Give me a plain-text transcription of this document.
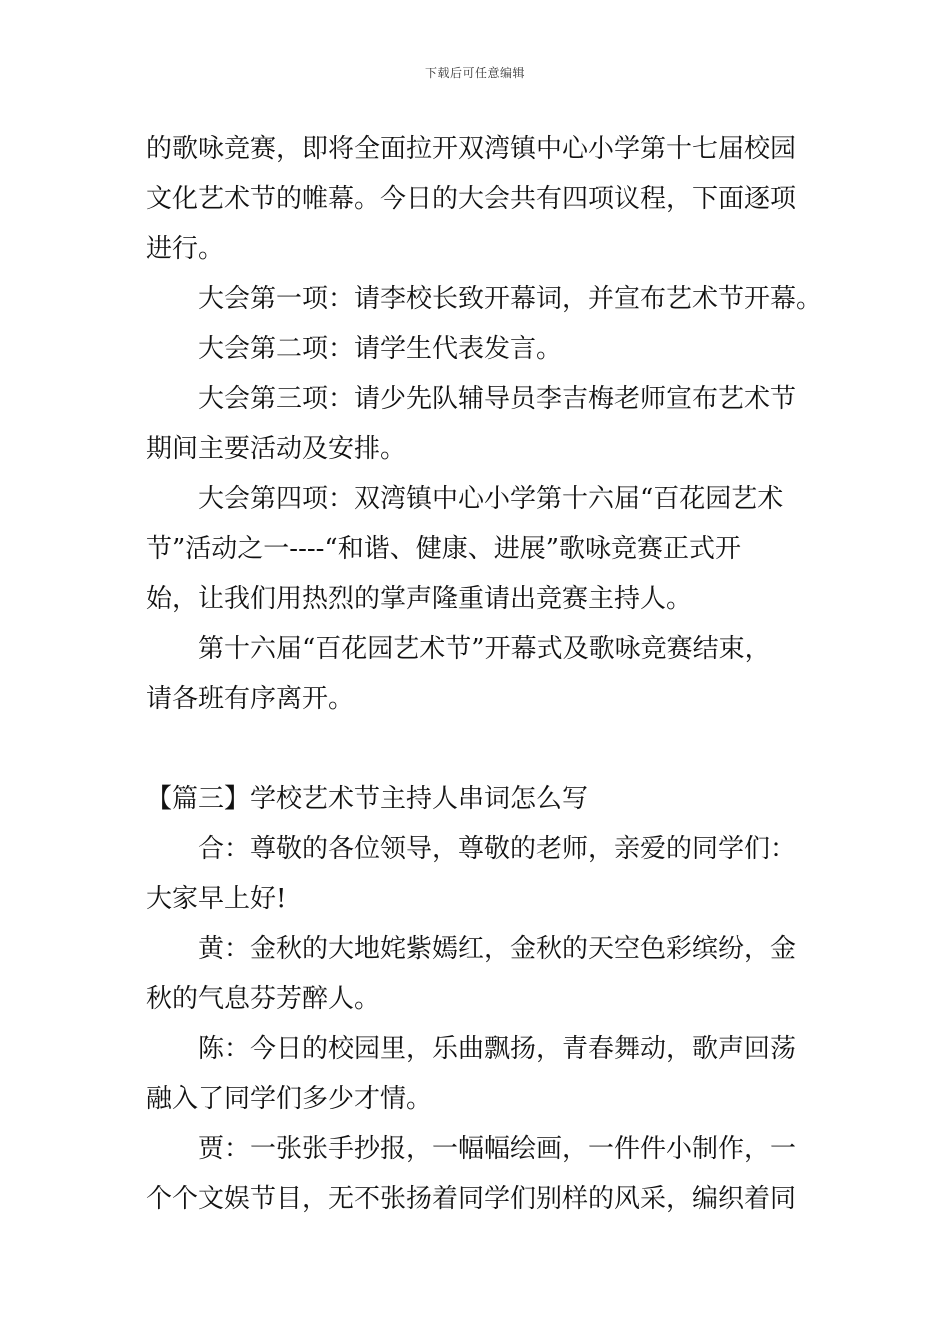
下载后可任意编辑
的歌咏竞赛，即将全面拉开双湾镇中心小学第十七届校园
文化艺术节的帷幕。今日的大会共有四项议程，下面逐项
进行。
大会第一项：请李校长致开幕词，并宣布艺术节开幕。
大会第二项：请学生代表发言。
大会第三项：请少先队辅导员李吉梅老师宣布艺术节
期间主要活动及安排。
大会第四项：双湾镇中心小学第十六届“百花园艺术
节”活动之一----“和谐、健康、进展”歌咏竞赛正式开
始，让我们用热烈的掌声隆重请出竞赛主持人。
第十六届“百花园艺术节”开幕式及歌咏竞赛结束，
请各班有序离开。
【篇三】学校艺术节主持人串词怎么写
合：尊敬的各位领导，尊敬的老师，亲爱的同学们：
大家早上好!
黄：金秋的大地姹紫嫣红，金秋的天空色彩缤纷，金
秋的气息芬芳醉人。
陈：今日的校园里，乐曲飘扬，青春舞动，歌声回荡
融入了同学们多少才情。
贾：一张张手抄报，一幅幅绘画，一件件小制作，一
个个文娱节目，无不张扬着同学们别样的风采，编织着同
